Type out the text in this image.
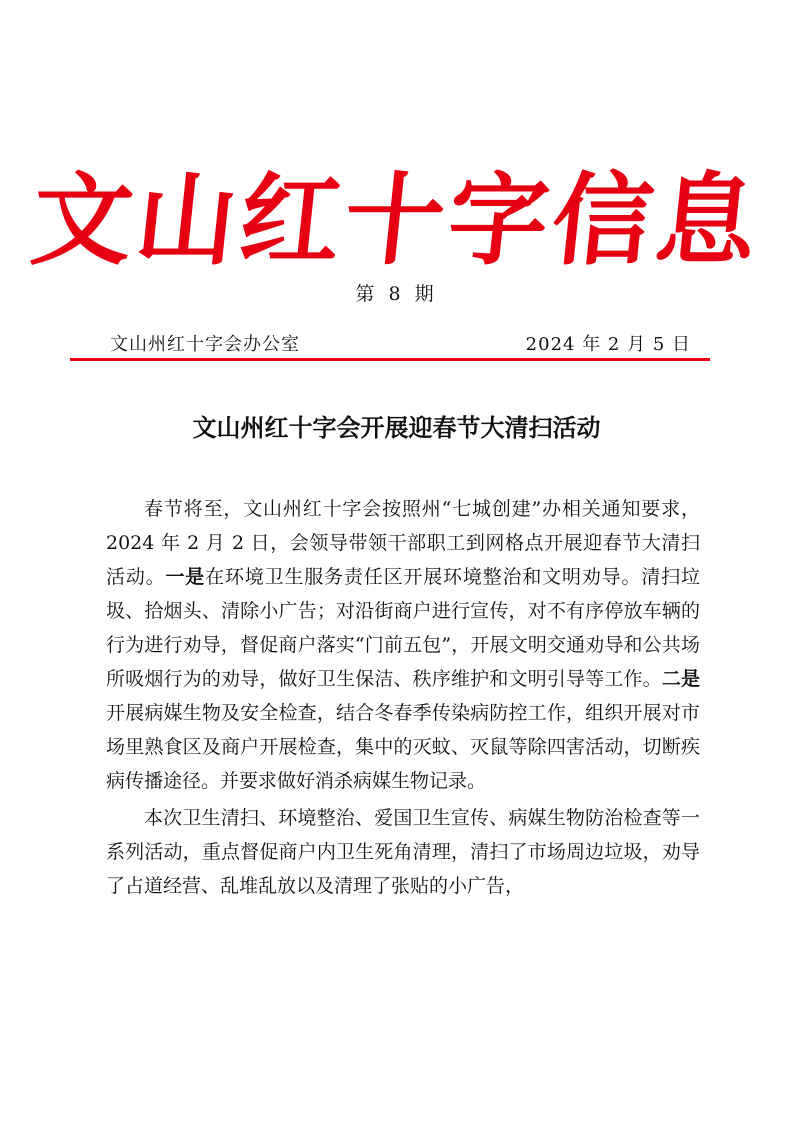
文山红十字信息
第 8 期
文山州红十字会办公室	2024 年 2 月 5 日
文山州红十字会开展迎春节大清扫活动

春节将至，文山州红十字会按照州“七城创建”办相关通知要求，2024 年 2 月 2 日，会领导带领干部职工到网格点开展迎春节大清扫活动。一是在环境卫生服务责任区开展环境整治和文明劝导。清扫垃圾、拾烟头、清除小广告；对沿街商户进行宣传，对不有序停放车辆的行为进行劝导，督促商户落实“门前五包”，开展文明交通劝导和公共场所吸烟行为的劝导，做好卫生保洁、秩序维护和文明引导等工作。二是开展病媒生物及安全检查，结合冬春季传染病防控工作，组织开展对市场里熟食区及商户开展检查，集中的灭蚊、灭鼠等除四害活动，切断疾病传播途径。并要求做好消杀病媒生物记录。

本次卫生清扫、环境整治、爱国卫生宣传、病媒生物防治检查等一系列活动，重点督促商户内卫生死角清理，清扫了市场周边垃圾，劝导了占道经营、乱堆乱放以及清理了张贴的小广告，
